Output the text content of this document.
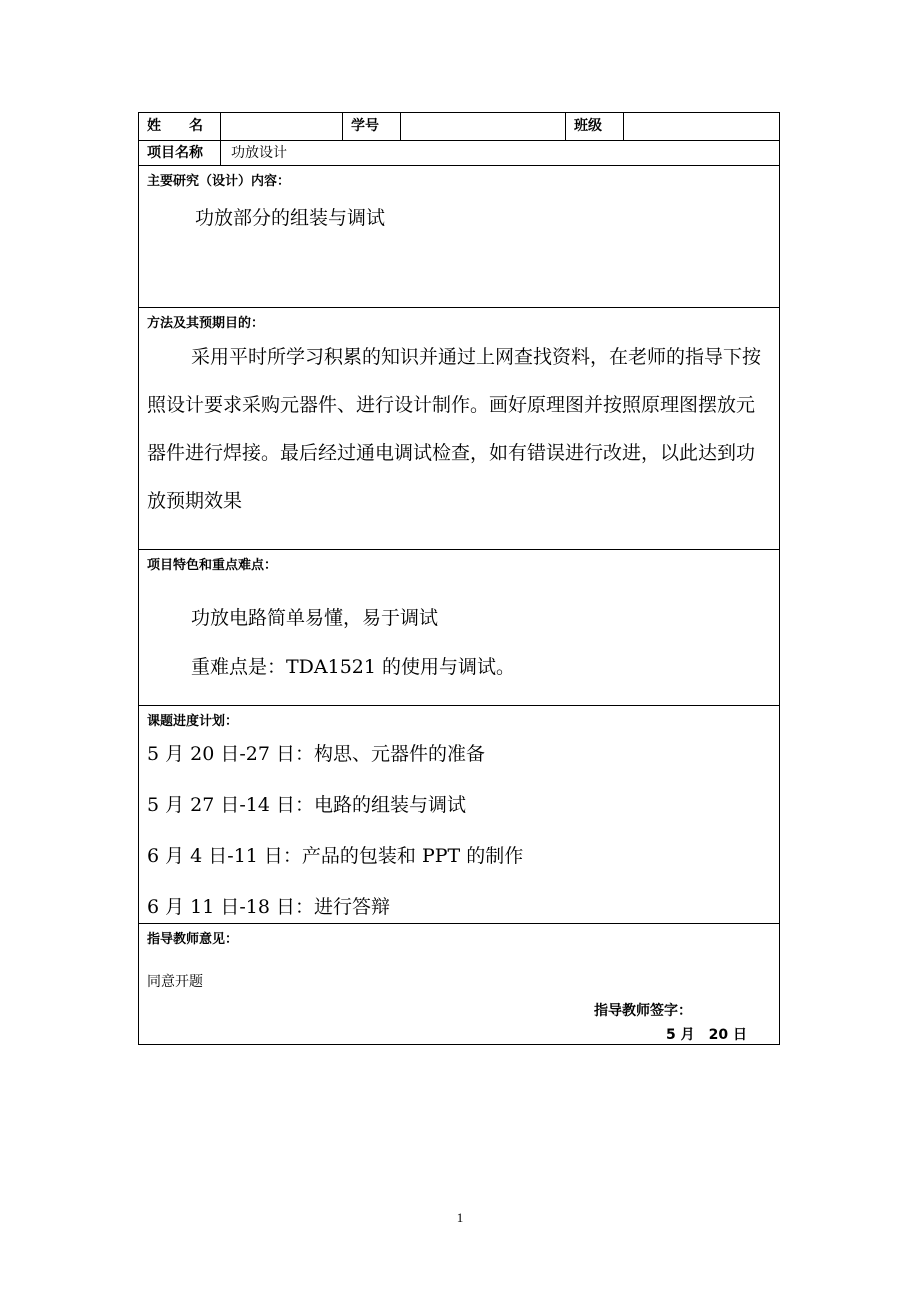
姓　　名		学号		班级	
项目名称	功放设计				

主要研究（设计）内容：
功放部分的组装与调试					

方法及其预期目的：

采用平时所学习积累的知识并通过上网查找资料，在老师的指导下按照设计要求采购元器件、进行设计制作。画好原理图并按照原理图摆放元器件进行焊接。最后经过通电调试检查，如有错误进行改进，以此达到功放预期效果					

项目特色和重点难点：
功放电路简单易懂，易于调试
重难点是：TDA1521 的使用与调试。					

课题进度计划：
5 月 20 日-27 日：构思、元器件的准备
5 月 27 日-14 日：电路的组装与调试
6 月 4 日-11 日：产品的包装和 PPT 的制作
6 月 11 日-18 日：进行答辩					

指导教师意见：
同意开题
指导教师签字：
5 月　20 日					
1
